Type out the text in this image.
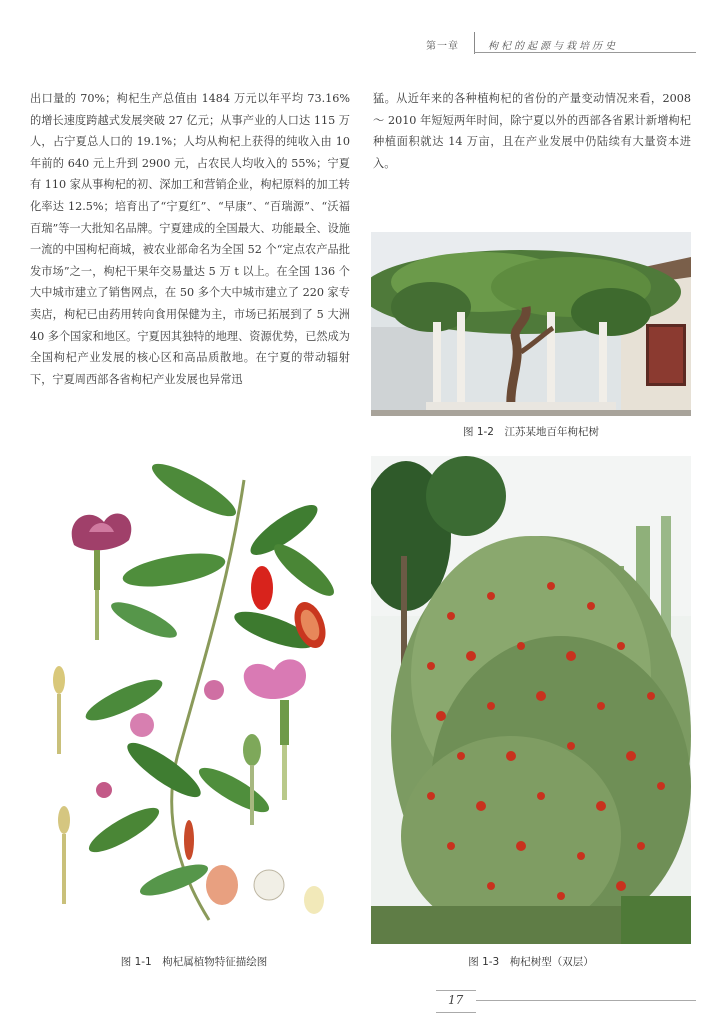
第一章	枸杞的起源与栽培历史
出口量的 70%；枸杞生产总值由 1484 万元以年平均 73.16% 的增长速度跨越式发展突破 27 亿元；从事产业的人口达 115 万人，占宁夏总人口的 19.1%；人均从枸杞上获得的纯收入由 10 年前的 640 元上升到 2900 元，占农民人均收入的 55%；宁夏有 110 家从事枸杞的初、深加工和营销企业，枸杞原料的加工转化率达 12.5%；培育出了“宁夏红”、“早康”、“百瑞源”、“沃福百瑞”等一大批知名品牌。宁夏建成的全国最大、功能最全、设施一流的中国枸杞商城，被农业部命名为全国 52 个“定点农产品批发市场”之一，枸杞干果年交易量达 5 万 t 以上。在全国 136 个大中城市建立了销售网点，在 50 多个大中城市建立了 220 家专卖店，枸杞已由药用转向食用保健为主，市场已拓展到了 5 大洲 40 多个国家和地区。宁夏因其独特的地理、资源优势，已然成为全国枸杞产业发展的核心区和高品质散地。在宁夏的带动辐射下，宁夏周西部各省枸杞产业发展也异常迅
猛。从近年来的各种植枸杞的省份的产量变动情况来看，2008 ～ 2010 年短短两年时间，除宁夏以外的西部各省累计新增枸杞种植面积就达 14 万亩，且在产业发展中仍陆续有大量资本进入。
图 1-2　江苏某地百年枸杞树
图 1-1　枸杞属植物特征描绘图	图 1-3　枸杞树型（双层）
17
